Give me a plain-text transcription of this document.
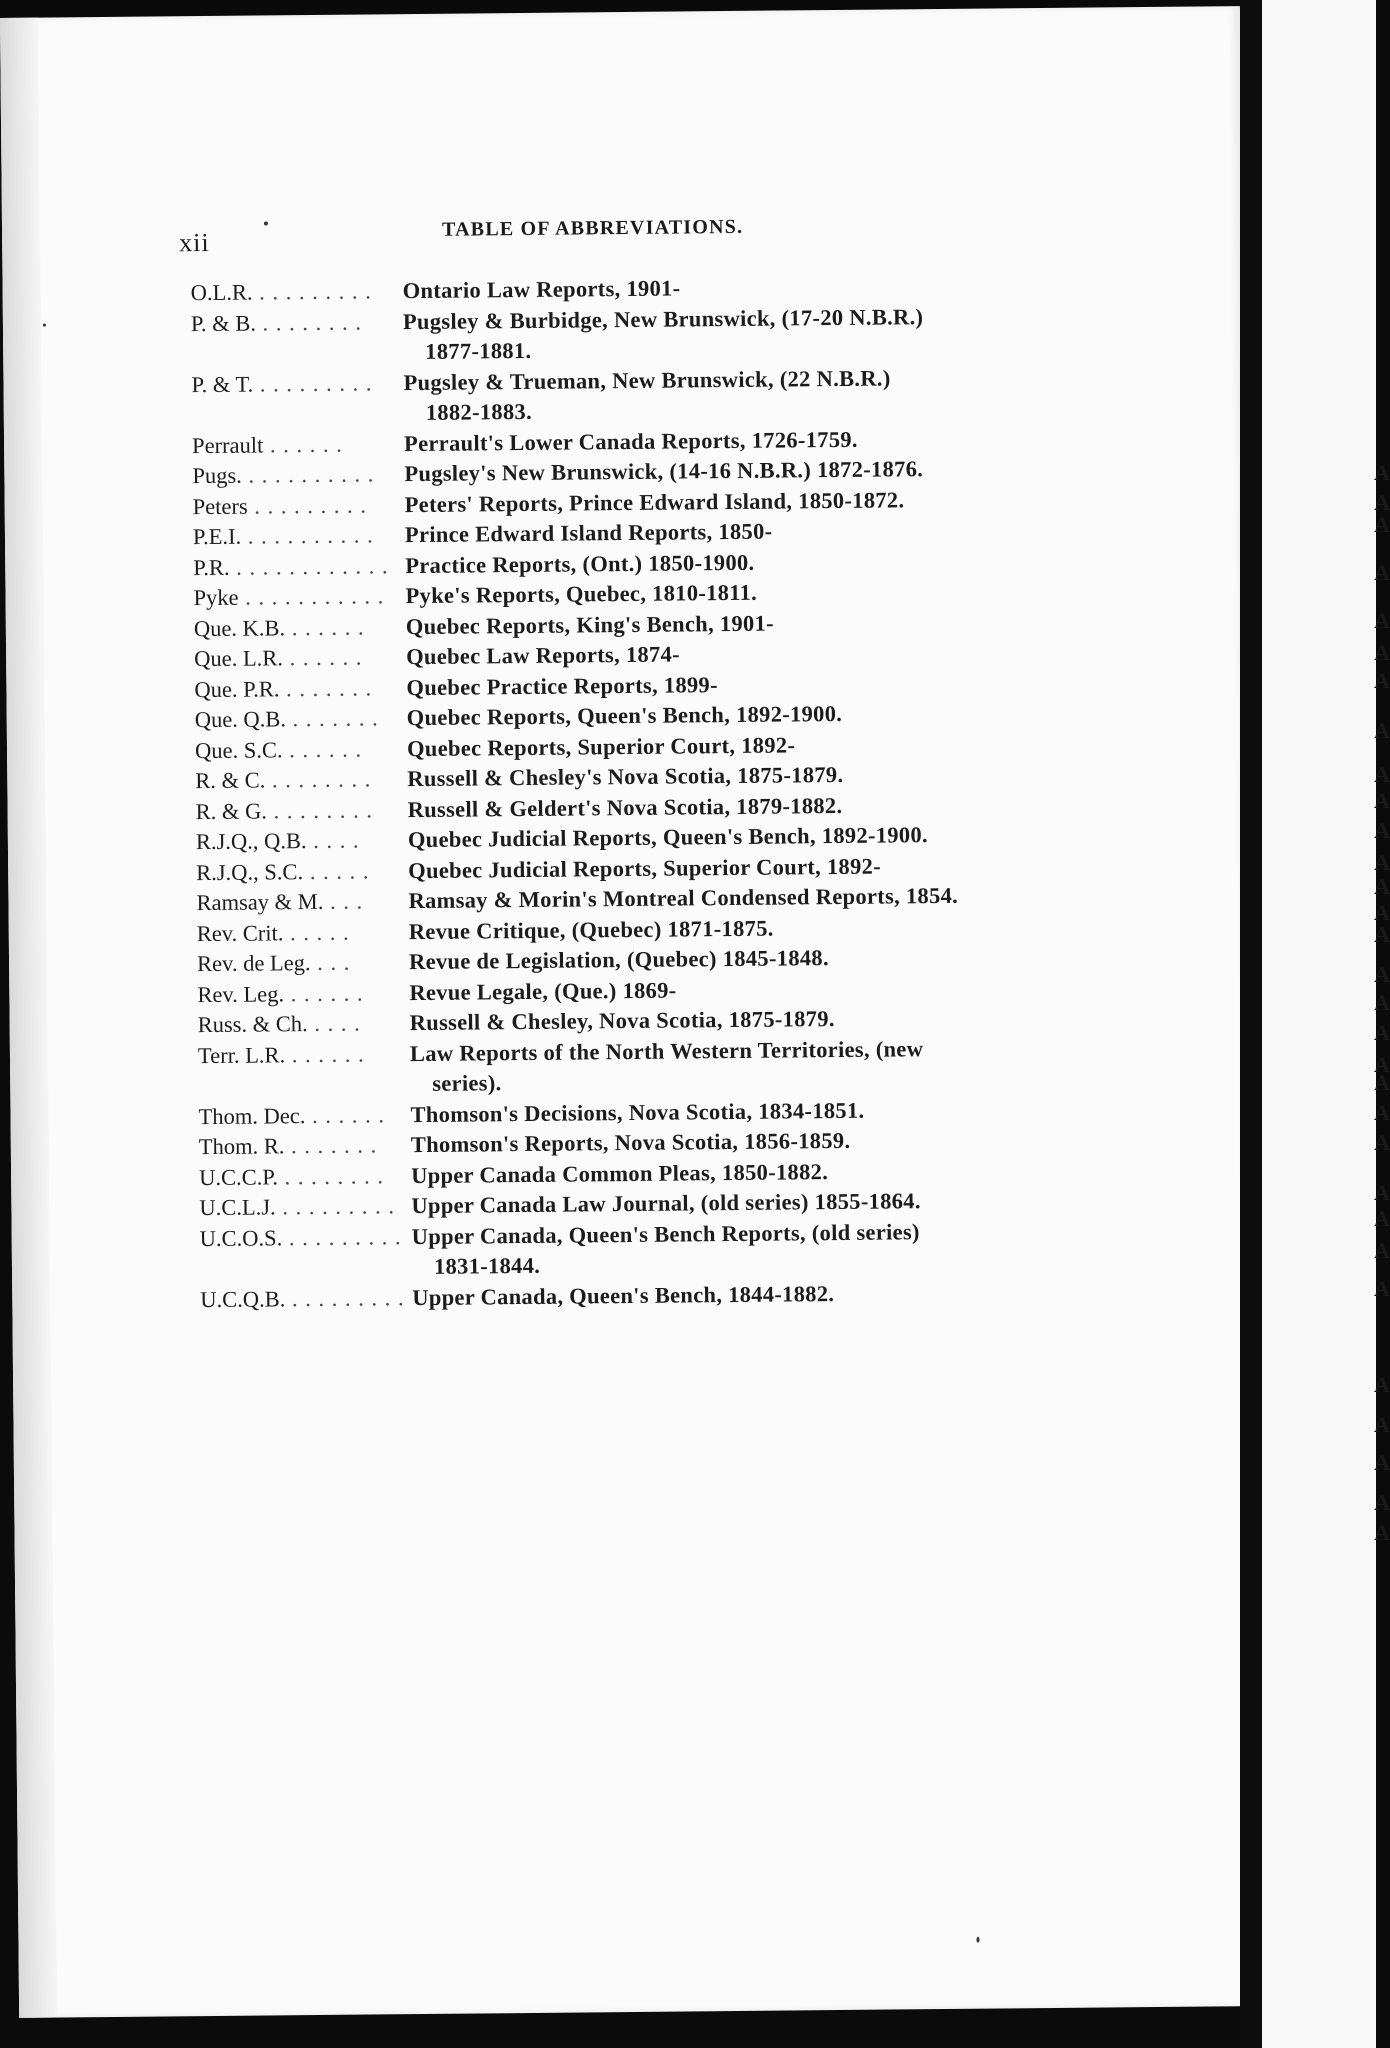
xii	TABLE OF ABBREVIATIONS.
O.L.R. . . . . . . . . .	Ontario Law Reports, 1901-
P. & B. . . . . . . . .	Pugsley & Burbidge, New Brunswick, (17-20 N.B.R.)
1877-1881.
P. & T. . . . . . . . . .	Pugsley & Trueman, New Brunswick, (22 N.B.R.)
1882-1883.
Perrault . . . . . .	Perrault's Lower Canada Reports, 1726-1759.
Pugs. . . . . . . . . . .	Pugsley's New Brunswick, (14-16 N.B.R.) 1872-1876.
Peters . . . . . . . . .	Peters' Reports, Prince Edward Island, 1850-1872.
P.E.I. . . . . . . . . . .	Prince Edward Island Reports, 1850-
P.R. . . . . . . . . . . . . Practice Reports, (Ont.) 1850-1900.
Pyke . . . . . . . . . . . Pyke's Reports, Quebec, 1810-1811.
Que. K.B. . . . . . .	Quebec Reports, King's Bench, 1901-
Que. L.R. . . . . . .	Quebec Law Reports, 1874-
Que. P.R. . . . . . . .	Quebec Practice Reports, 1899-
Que. Q.B. . . . . . . .	Quebec Reports, Queen's Bench, 1892-1900.
Que. S.C. . . . . . .	Quebec Reports, Superior Court, 1892-
R. & C. . . . . . . . .	Russell & Chesley's Nova Scotia, 1875-1879.
R. & G. . . . . . . . .	Russell & Geldert's Nova Scotia, 1879-1882.
R.J.Q., Q.B. . . . .	Quebec Judicial Reports, Queen's Bench, 1892-1900.
R.J.Q., S.C. . . . . .	Quebec Judicial Reports, Superior Court, 1892-
Ramsay & M. . . .	Ramsay & Morin's Montreal Condensed Reports, 1854.
Rev. Crit. . . . . .	Revue Critique, (Quebec) 1871-1875.
Rev. de Leg. . . .	Revue de Legislation, (Quebec) 1845-1848.
Rev. Leg. . . . . . .	Revue Legale, (Que.) 1869-
Russ. & Ch. . . . .	Russell & Chesley, Nova Scotia, 1875-1879.
Terr. L.R. . . . . . .	Law Reports of the North Western Territories, (new
series).
Thom. Dec. . . . . . .	Thomson's Decisions, Nova Scotia, 1834-1851.
Thom. R. . . . . . . .	Thomson's Reports, Nova Scotia, 1856-1859.
U.C.C.P. . . . . . . . .	Upper Canada Common Pleas, 1850-1882.
U.C.L.J. . . . . . . . . . Upper Canada Law Journal, (old series) 1855-1864.
U.C.O.S. . . . . . . . . . Upper Canada, Queen's Bench Reports, (old series)
1831-1844.
U.C.Q.B. . . . . . . . . . Upper Canada, Queen's Bench, 1844-1882.
A
A
A
A
A
A
A
A
A
A
A
A
A
A
A
A
A
A
A
A
A
A
A
A
A
A
A
A
A
A
A
